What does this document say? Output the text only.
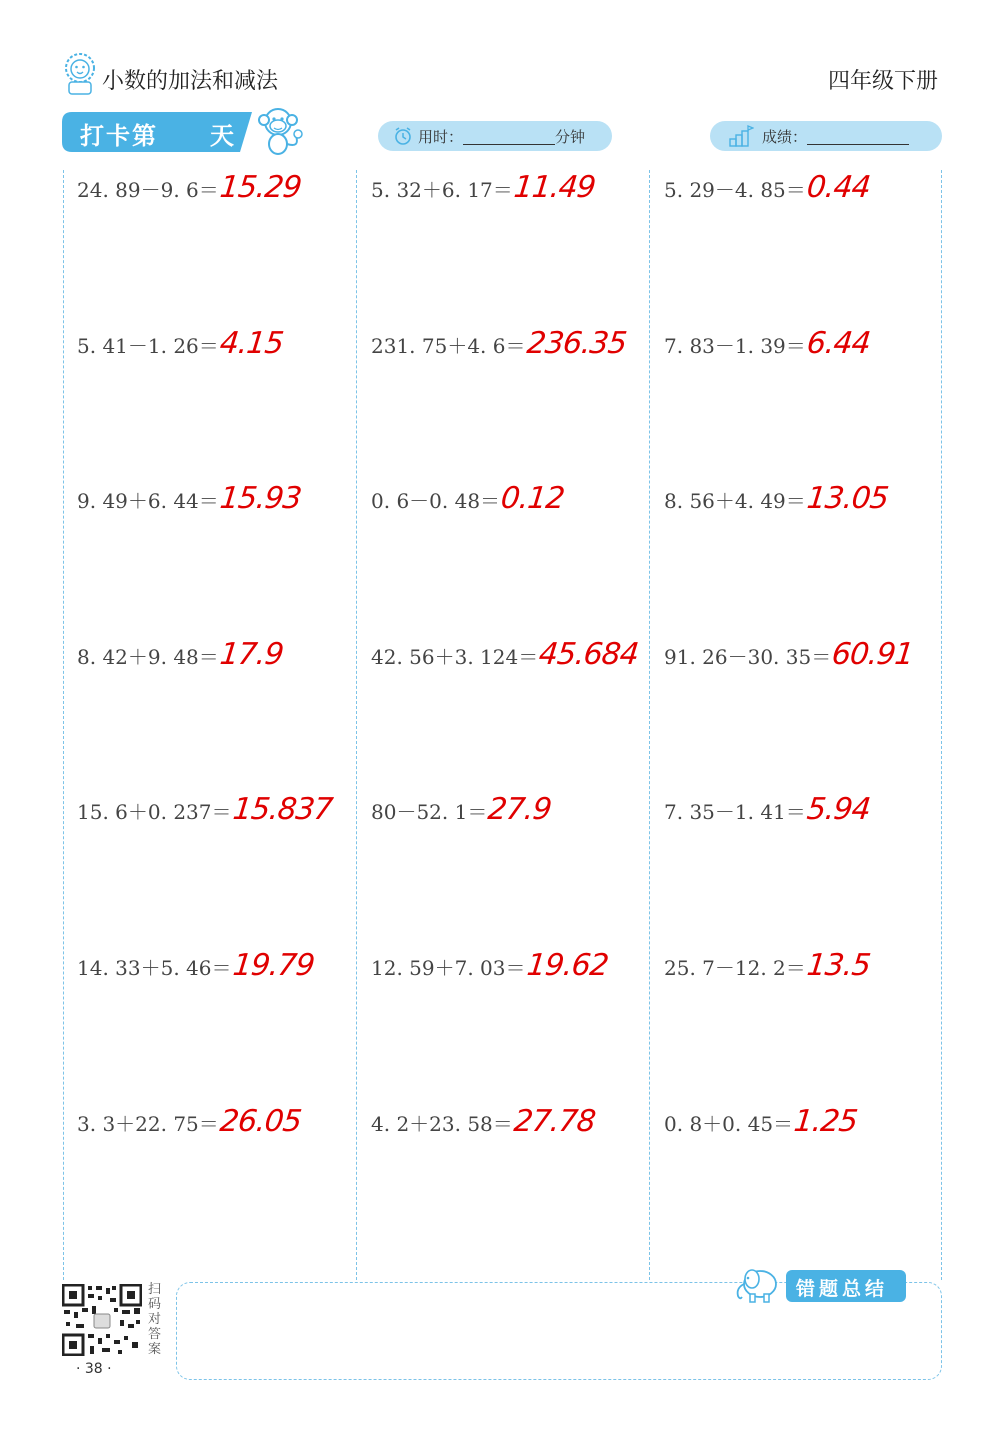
小数的加法和减法	四年级下册
打卡第 天	用时：	分钟	成绩：
24. 89－9. 6＝ 15.29
5. 41－1. 26＝ 4.15
9. 49＋6. 44＝ 15.93
8. 42＋9. 48＝ 17.9
15. 6＋0. 237＝ 15.837
14. 33＋5. 46＝ 19.79
3. 3＋22. 75＝ 26.05
5. 32＋6. 17＝ 11.49
231. 75＋4. 6＝ 236.35
0. 6－0. 48＝ 0.12
42. 56＋3. 124＝ 45.684
80－52. 1＝ 27.9
12. 59＋7. 03＝ 19.62
4. 2＋23. 58＝ 27.78
5. 29－4. 85＝ 0.44
7. 83－1. 39＝ 6.44
8. 56＋4. 49＝ 13.05
91. 26－30. 35＝ 60.91
7. 35－1. 41＝ 5.94
25. 7－12. 2＝ 13.5
0. 8＋0. 45＝ 1.25
扫码对答案
· 38 ·
错题总结
